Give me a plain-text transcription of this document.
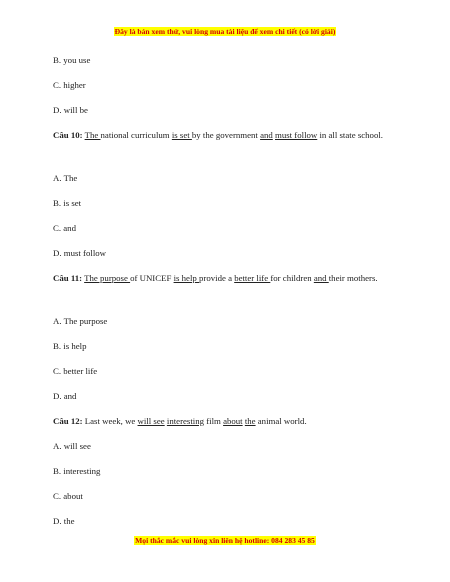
Đây là bản xem thử, vui lòng mua tài liệu để xem chi tiết (có lời giải)
B. you use
C. higher
D. will be
Câu 10: The national curriculum is set by the government and must follow in all state school.
A. The
B. is set
C. and
D. must follow
Câu 11: The purpose of UNICEF is help provide a better life for children and their mothers.
A. The purpose
B. is help
C. better life
D. and
Câu 12: Last week, we will see interesting film about the animal world.
A. will see
B. interesting
C. about
D. the
Mọi thắc mắc vui lòng xin liên hệ hotline: 084 283 45 85
